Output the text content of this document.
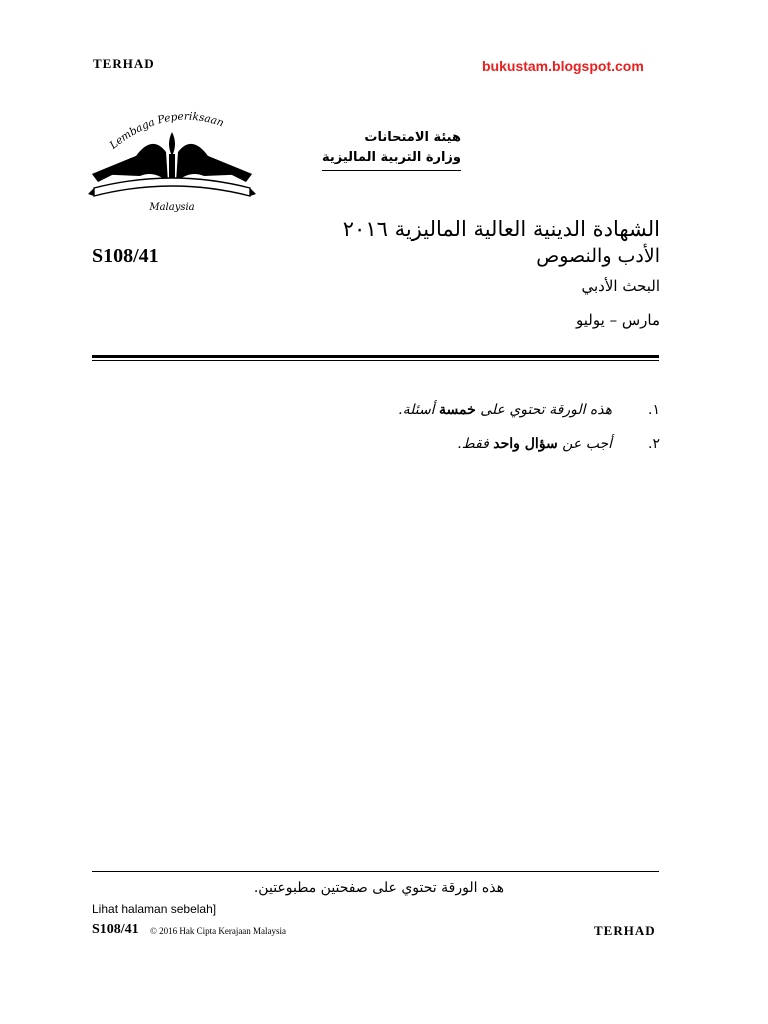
TERHAD	bukustam.blogspot.com
Lembaga Peperiksaan
Malaysia
هيئة الامتحانات
وزارة التربية الماليزية
S108/41
الشهادة الدينية العالية الماليزية ٢٠١٦
الأدب والنصوص
البحث الأدبي
مارس – يوليو
١.
هذه الورقة تحتوي على خمسة أسئلة.
٢.
أجب عن سؤال واحد فقط.
هذه الورقة تحتوي على صفحتين مطبوعتين.
Lihat halaman sebelah]
S108/41 © 2016 Hak Cipta Kerajaan Malaysia	TERHAD
